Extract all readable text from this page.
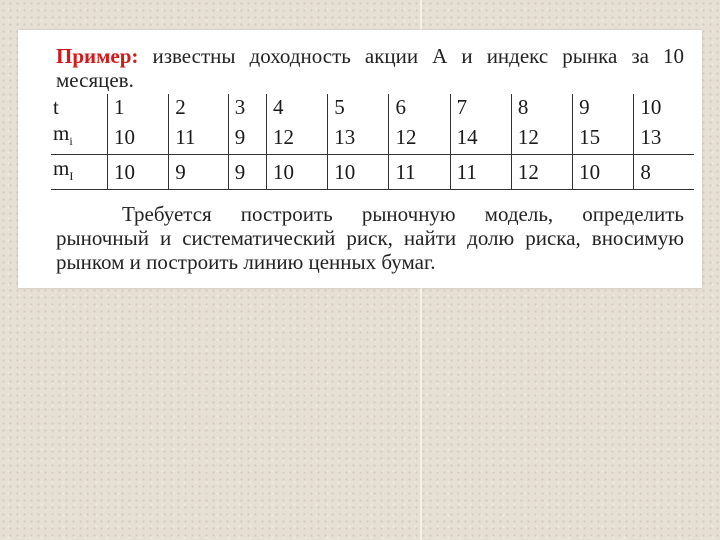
Пример: известны доходность акции А и индекс рынка за 10 месяцев.
t	1	2	3	4	5	6	7	8	9	10
$m_i$	10	11	9	12	13	12	14	12	15	13
$m_I$	10	9	9	10	10	11	11	12	10	8
Требуется построить рыночную модель, определить рыночный и систематический риск, найти долю риска, вносимую рынком и построить линию ценных бумаг.
